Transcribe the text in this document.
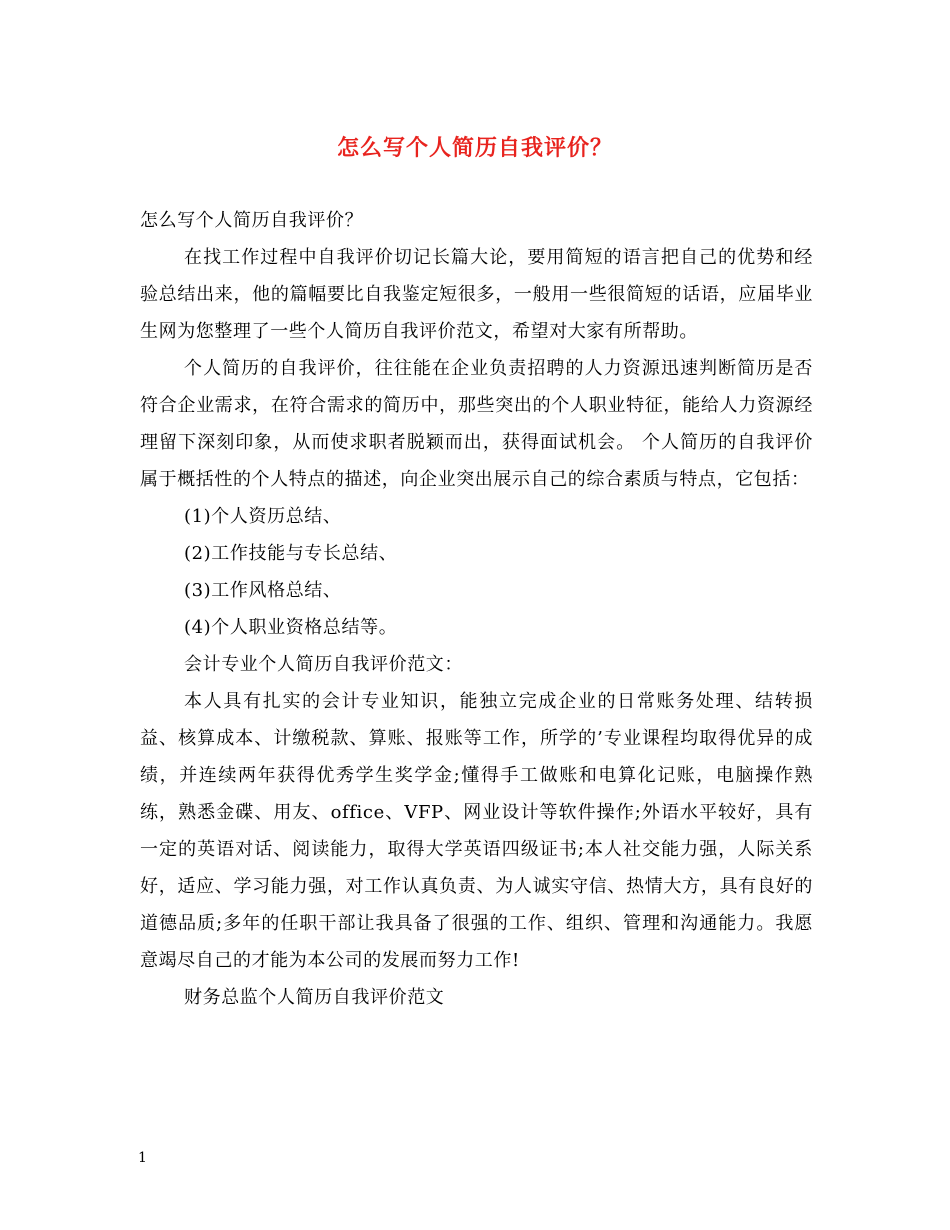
怎么写个人简历自我评价？

怎么写个人简历自我评价？

在找工作过程中自我评价切记长篇大论，要用简短的语言把自己的优势和经验总结出来，他的篇幅要比自我鉴定短很多，一般用一些很简短的话语，应届毕业生网为您整理了一些个人简历自我评价范文，希望对大家有所帮助。

个人简历的自我评价，往往能在企业负责招聘的人力资源迅速判断简历是否符合企业需求，在符合需求的简历中，那些突出的个人职业特征，能给人力资源经理留下深刻印象，从而使求职者脱颖而出，获得面试机会。 个人简历的自我评价属于概括性的个人特点的描述，向企业突出展示自己的综合素质与特点，它包括：

(1)个人资历总结、

(2)工作技能与专长总结、

(3)工作风格总结、

(4)个人职业资格总结等。

会计专业个人简历自我评价范文：

本人具有扎实的会计专业知识，能独立完成企业的日常账务处理、结转损益、核算成本、计缴税款、算账、报账等工作，所学的’专业课程均取得优异的成绩，并连续两年获得优秀学生奖学金;懂得手工做账和电算化记账，电脑操作熟练，熟悉金碟、用友、office、VFP、网业设计等软件操作;外语水平较好，具有一定的英语对话、阅读能力，取得大学英语四级证书;本人社交能力强，人际关系好，适应、学习能力强，对工作认真负责、为人诚实守信、热情大方，具有良好的道德品质;多年的任职干部让我具备了很强的工作、组织、管理和沟通能力。我愿意竭尽自己的才能为本公司的发展而努力工作!

财务总监个人简历自我评价范文

1
